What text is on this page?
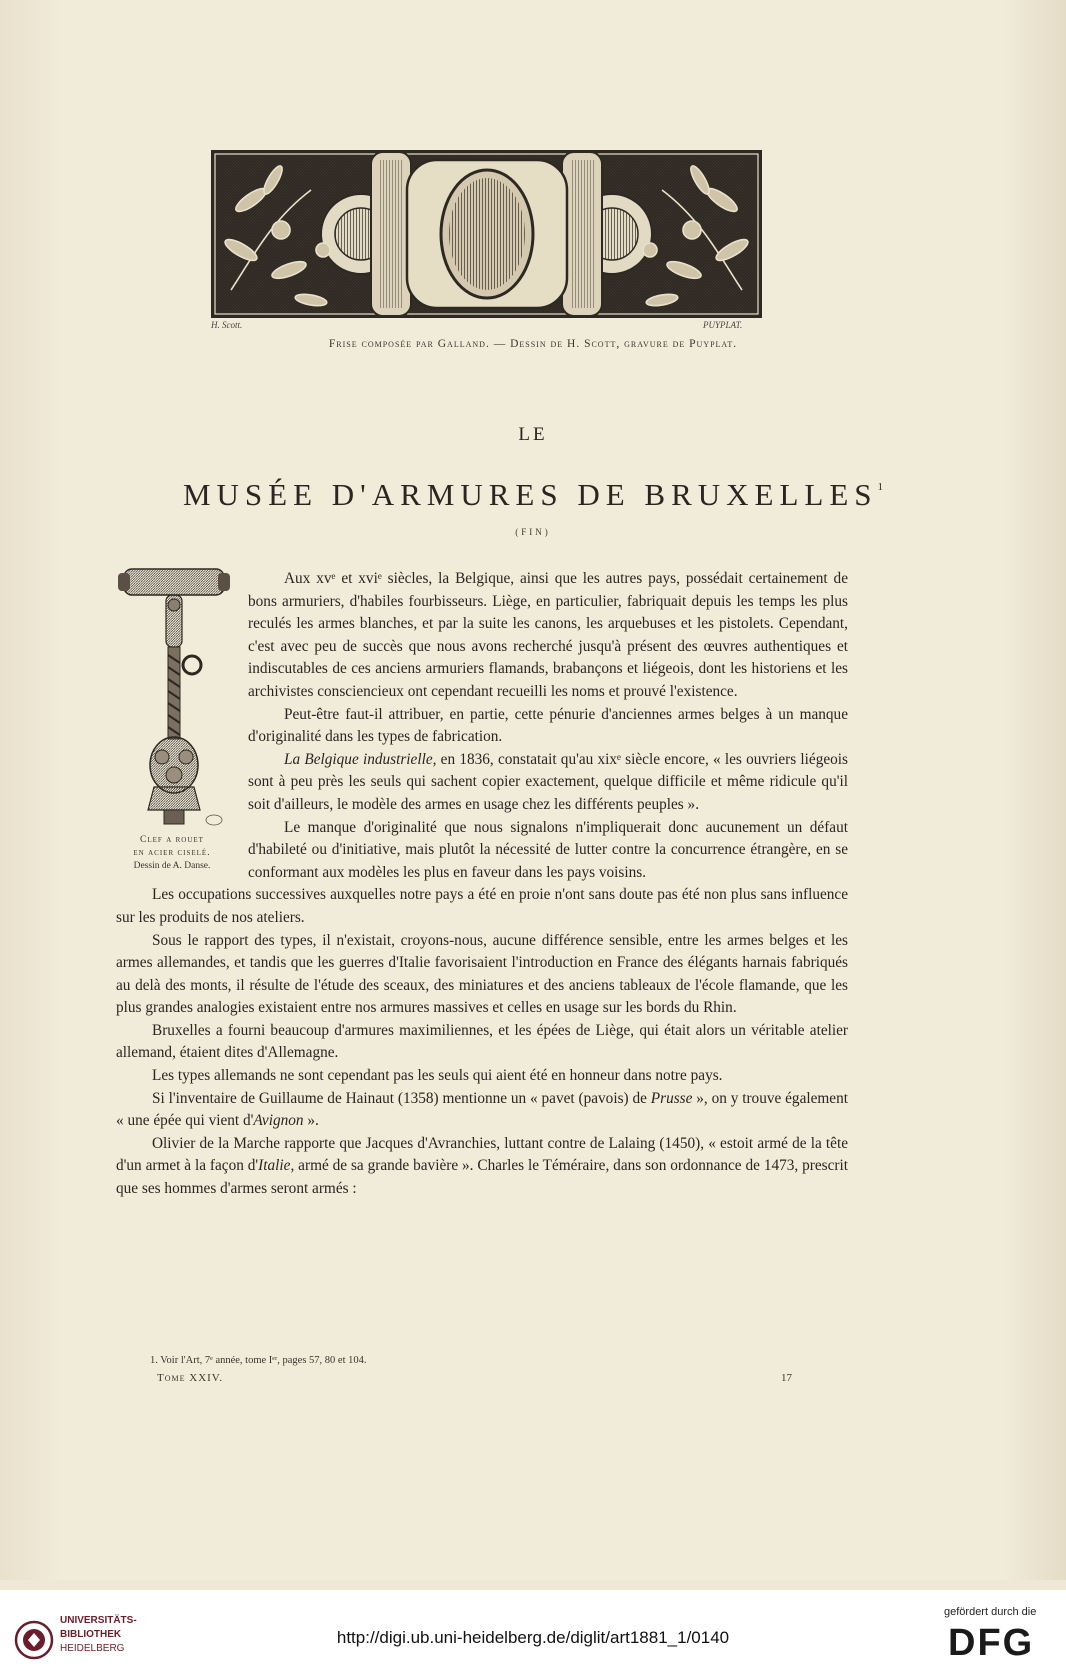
H. Scott.	PUYPLAT.
Frise composée par Galland. — Dessin de H. Scott, gravure de Puyplat.
LE
MUSÉE D'ARMURES DE BRUXELLES$^1$
(FIN)
Clef a rouet
en acier ciselé.
Dessin de A. Danse.

Aux xvᵉ et xviᵉ siècles, la Belgique, ainsi que les autres pays, possédait certainement de bons armuriers, d'habiles fourbisseurs. Liège, en particulier, fabriquait depuis les temps les plus reculés les armes blanches, et par la suite les canons, les arquebuses et les pistolets. Cependant, c'est avec peu de succès que nous avons recherché jusqu'à présent des œuvres authentiques et indiscutables de ces anciens armuriers flamands, brabançons et liégeois, dont les historiens et les archivistes consciencieux ont cependant recueilli les noms et prouvé l'existence.

Peut-être faut-il attribuer, en partie, cette pénurie d'anciennes armes belges à un manque d'originalité dans les types de fabrication.

La Belgique industrielle, en 1836, constatait qu'au xixᵉ siècle encore, « les ouvriers liégeois sont à peu près les seuls qui sachent copier exactement, quelque difficile et même ridicule qu'il soit d'ailleurs, le modèle des armes en usage chez les différents peuples ».

Le manque d'originalité que nous signalons n'impliquerait donc aucunement un défaut d'habileté ou d'initiative, mais plutôt la nécessité de lutter contre la concurrence étrangère, en se conformant aux modèles les plus en faveur dans les pays voisins.

Les occupations successives auxquelles notre pays a été en proie n'ont sans doute pas été non plus sans influence sur les produits de nos ateliers.

Sous le rapport des types, il n'existait, croyons-nous, aucune différence sensible, entre les armes belges et les armes allemandes, et tandis que les guerres d'Italie favorisaient l'introduction en France des élégants harnais fabriqués au delà des monts, il résulte de l'étude des sceaux, des miniatures et des anciens tableaux de l'école flamande, que les plus grandes analogies existaient entre nos armures massives et celles en usage sur les bords du Rhin.

Bruxelles a fourni beaucoup d'armures maximiliennes, et les épées de Liège, qui était alors un véritable atelier allemand, étaient dites d'Allemagne.

Les types allemands ne sont cependant pas les seuls qui aient été en honneur dans notre pays.

Si l'inventaire de Guillaume de Hainaut (1358) mentionne un « pavet (pavois) de Prusse », on y trouve également « une épée qui vient d'Avignon ».

Olivier de la Marche rapporte que Jacques d'Avranchies, luttant contre de Lalaing (1450), « estoit armé de la tête d'un armet à la façon d'Italie, armé de sa grande bavière ». Charles le Téméraire, dans son ordonnance de 1473, prescrit que ses hommes d'armes seront armés :

1. Voir l'Art, 7ᵉ année, tome Iᵉʳ, pages 57, 80 et 104.
Tome XXIV.	17
UNIVERSITÄTS-
BIBLIOTHEK
HEIDELBERG
http://digi.ub.uni-heidelberg.de/diglit/art1881_1/0140
gefördert durch die
DFG
